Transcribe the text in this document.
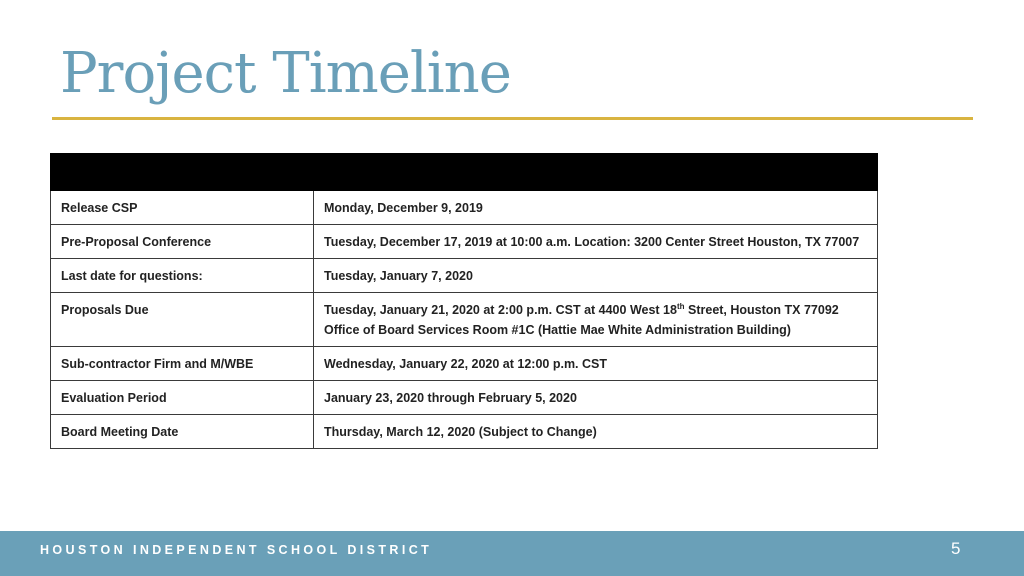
Project Timeline

Release CSP	Monday, December 9, 2019
Pre-Proposal Conference	Tuesday, December 17, 2019 at 10:00 a.m. Location: 3200 Center Street Houston, TX 77007
Last date for questions:	Tuesday, January 7, 2020
Proposals Due	Tuesday, January 21, 2020 at 2:00 p.m. CST at 4400 West 18th Street, Houston TX 77092 Office of Board Services Room #1C (Hattie Mae White Administration Building)
Sub-contractor Firm and M/WBE	Wednesday, January 22, 2020 at 12:00 p.m. CST
Evaluation Period	January 23, 2020 through February 5, 2020
Board Meeting Date	Thursday, March 12, 2020 (Subject to Change)
HOUSTON INDEPENDENT SCHOOL DISTRICT	5
